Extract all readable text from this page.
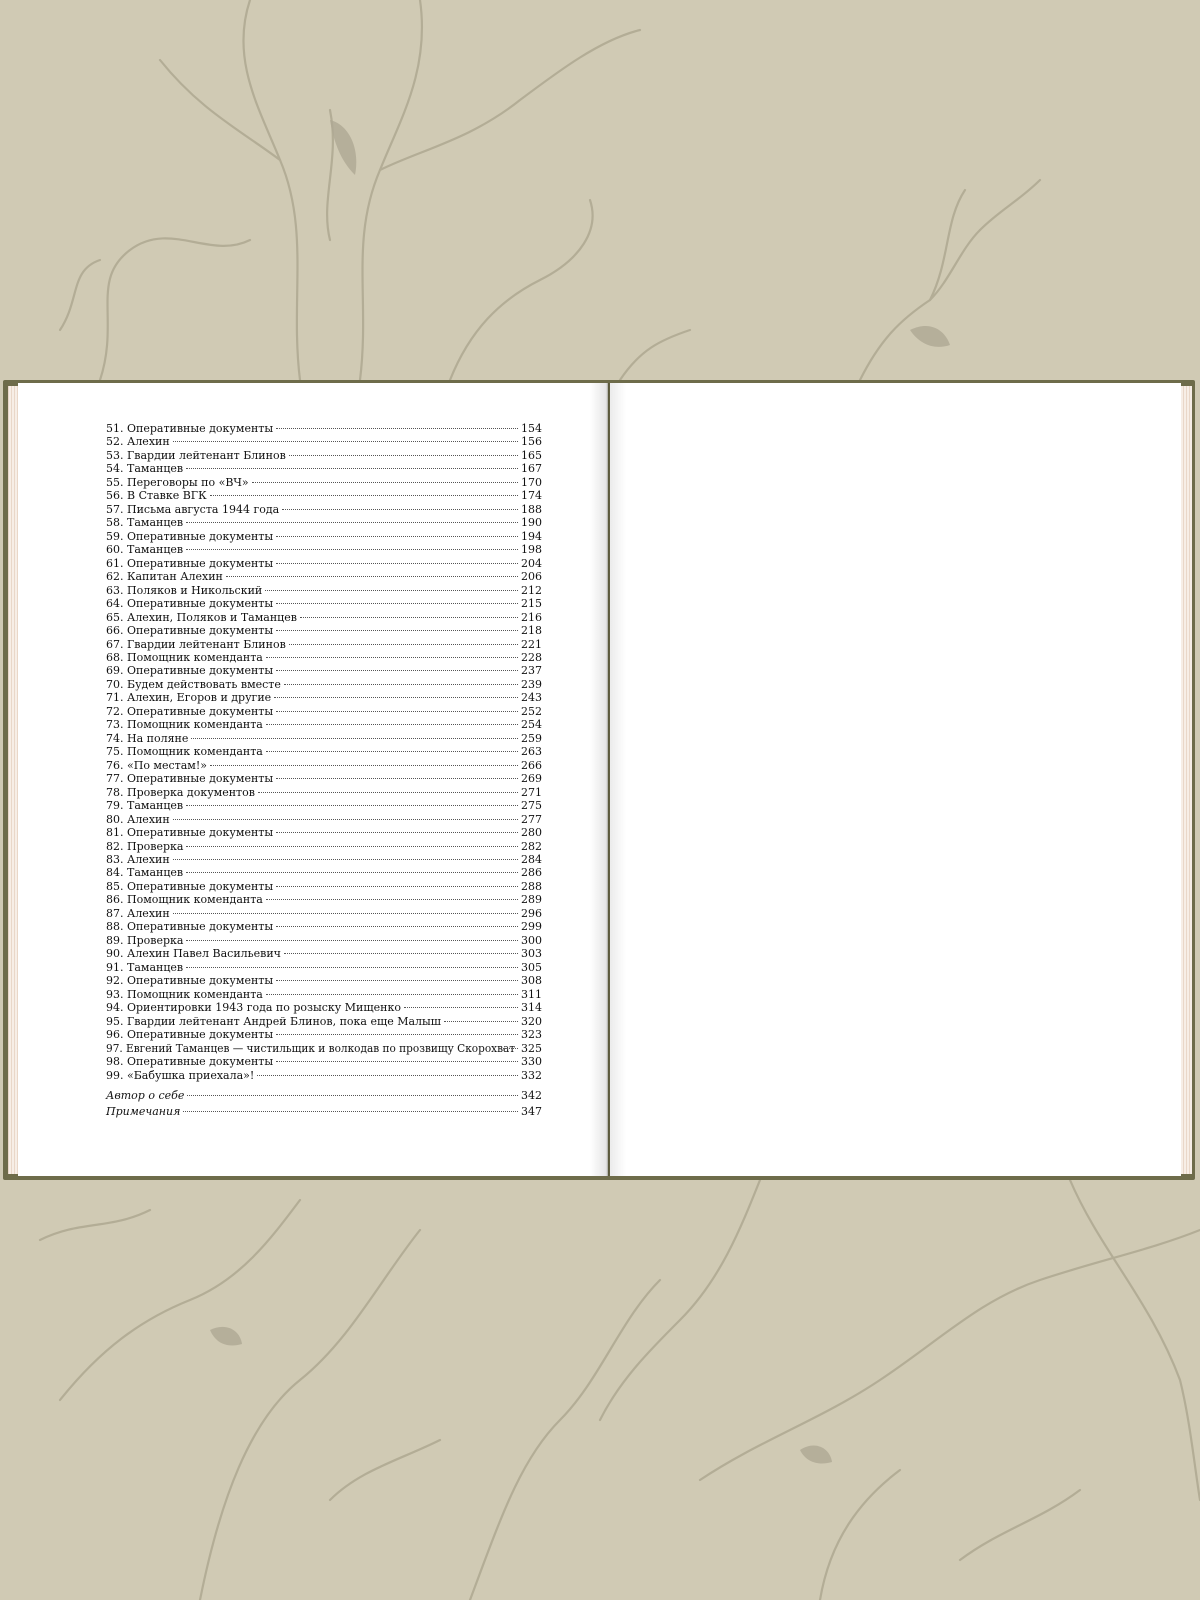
51. Оперативные документы	154
52. Алехин	156
53. Гвардии лейтенант Блинов	165
54. Таманцев	167
55. Переговоры по «ВЧ»	170
56. В Ставке ВГК	174
57. Письма августа 1944 года	188
58. Таманцев	190
59. Оперативные документы	194
60. Таманцев	198
61. Оперативные документы	204
62. Капитан Алехин	206
63. Поляков и Никольский	212
64. Оперативные документы	215
65. Алехин, Поляков и Таманцев	216
66. Оперативные документы	218
67. Гвардии лейтенант Блинов	221
68. Помощник коменданта	228
69. Оперативные документы	237
70. Будем действовать вместе	239
71. Алехин, Егоров и другие	243
72. Оперативные документы	252
73. Помощник коменданта	254
74. На поляне	259
75. Помощник коменданта	263
76. «По местам!»	266
77. Оперативные документы	269
78. Проверка документов	271
79. Таманцев	275
80. Алехин	277
81. Оперативные документы	280
82. Проверка	282
83. Алехин	284
84. Таманцев	286
85. Оперативные документы	288
86. Помощник коменданта	289
87. Алехин	296
88. Оперативные документы	299
89. Проверка	300
90. Алехин Павел Васильевич	303
91. Таманцев	305
92. Оперативные документы	308
93. Помощник коменданта	311
94. Ориентировки 1943 года по розыску Мищенко	314
95. Гвардии лейтенант Андрей Блинов, пока еще Малыш	320
96. Оперативные документы	323
97. Евгений Таманцев — чистильщик и волкодав по прозвищу Скорохват 325
98. Оперативные документы	330
99. «Бабушка приехала»!	332
Автор о себе	342
Примечания	347
